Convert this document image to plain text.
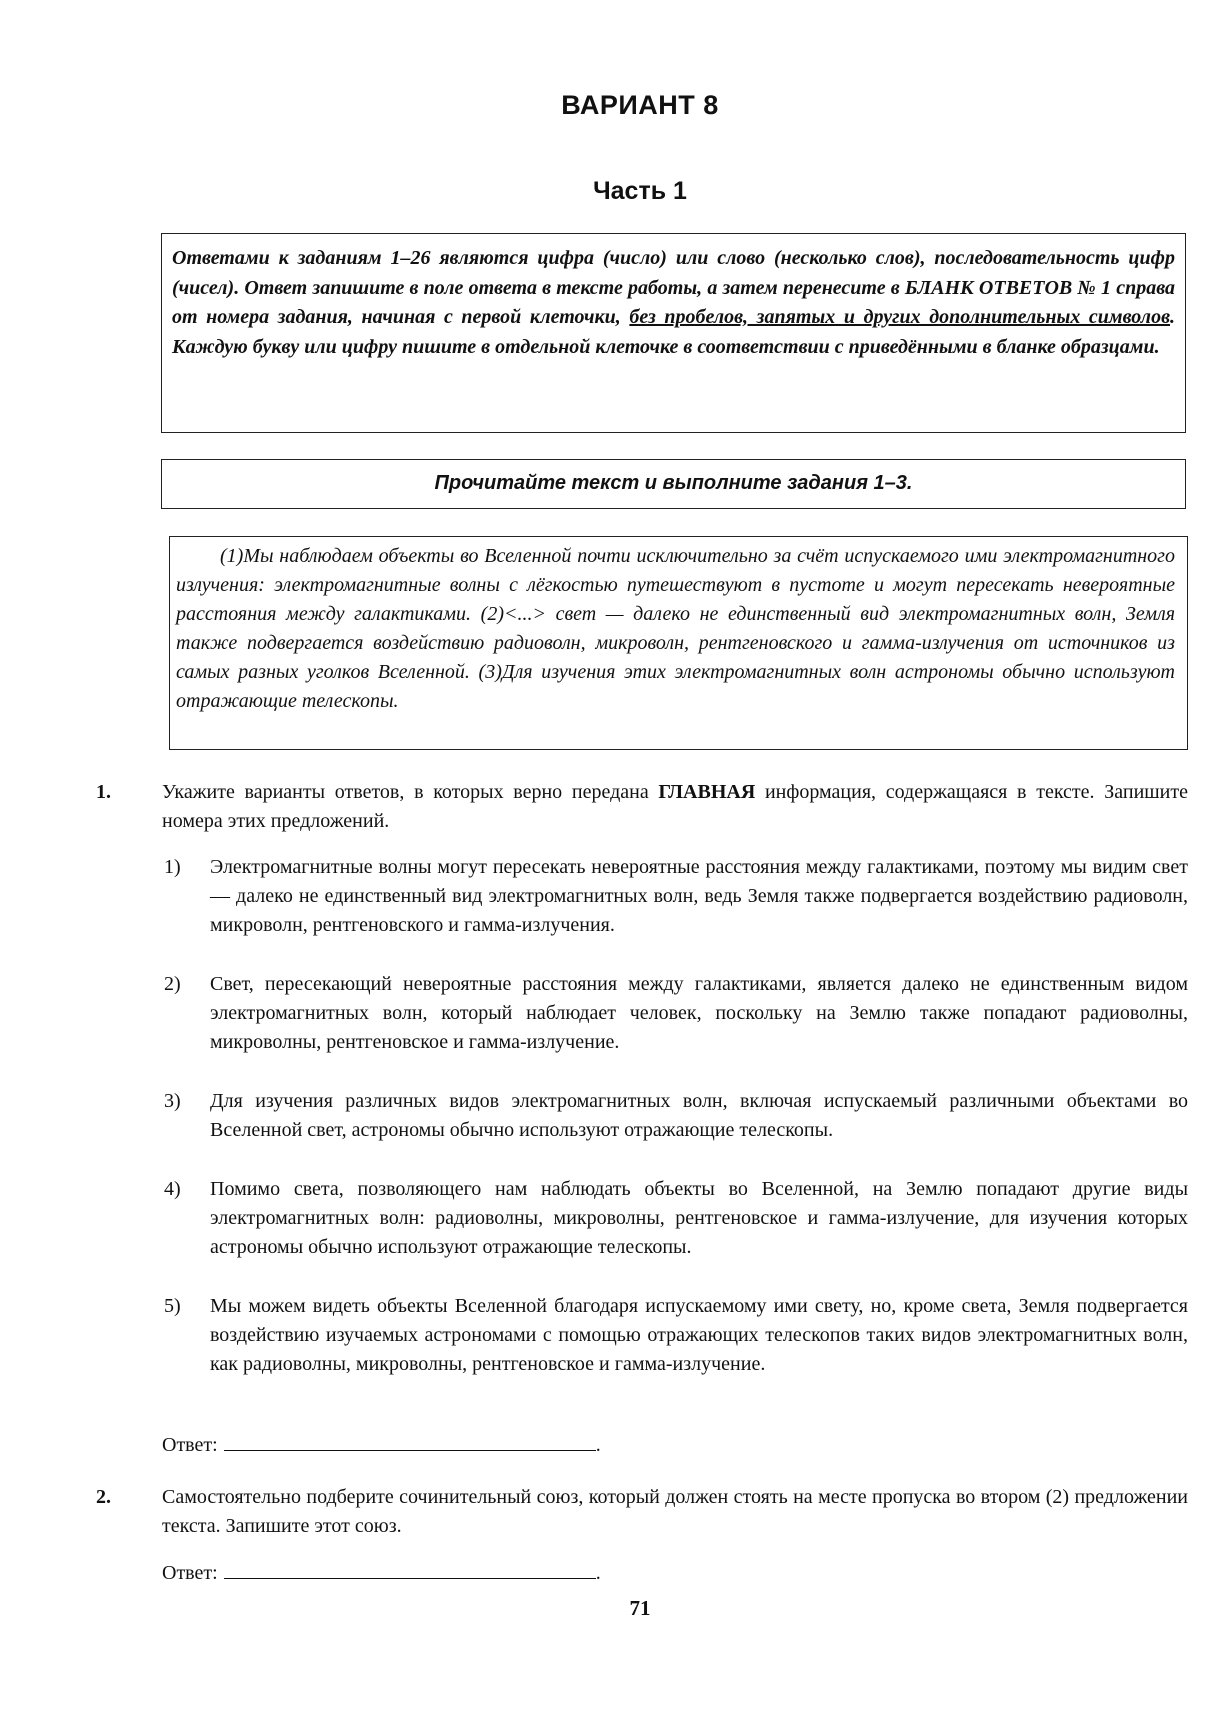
ВАРИАНТ 8
Часть 1
Ответами к заданиям 1–26 являются цифра (число) или слово (несколько слов), последовательность цифр (чисел). Ответ запишите в поле ответа в тексте работы, а затем перенесите в БЛАНК ОТВЕТОВ № 1 справа от номера задания, начиная с первой клеточки, без пробелов, запятых и других дополнительных символов. Каждую букву или цифру пишите в отдельной клеточке в соответствии с приведёнными в бланке образцами.
Прочитайте текст и выполните задания 1–3.

(1)Мы наблюдаем объекты во Вселенной почти исключительно за счёт испускаемого ими электромагнитного излучения: электромагнитные волны с лёгкостью путешествуют в пустоте и могут пересекать невероятные расстояния между галактиками. (2)<...> свет — далеко не единственный вид электромагнитных волн, Земля также подвергается воздействию радиоволн, микроволн, рентгеновского и гамма-излучения от источников из самых разных уголков Вселенной. (3)Для изучения этих электромагнитных волн астрономы обычно используют отражающие телескопы.

1.	Укажите варианты ответов, в которых верно передана ГЛАВНАЯ информация, содержащаяся в тексте. Запишите номера этих предложений.
1) Электромагнитные волны могут пересекать невероятные расстояния между галактиками, поэтому мы видим свет — далеко не единственный вид электромагнитных волн, ведь Земля также подвергается воздействию радиоволн, микроволн, рентгеновского и гамма-излучения.
2) Свет, пересекающий невероятные расстояния между галактиками, является далеко не единственным видом электромагнитных волн, который наблюдает человек, поскольку на Землю также попадают радиоволны, микроволны, рентгеновское и гамма-излучение.
3) Для изучения различных видов электромагнитных волн, включая испускаемый различными объектами во Вселенной свет, астрономы обычно используют отражающие телескопы.
4) Помимо света, позволяющего нам наблюдать объекты во Вселенной, на Землю попадают другие виды электромагнитных волн: радиоволны, микроволны, рентгеновское и гамма-излучение, для изучения которых астрономы обычно используют отражающие телескопы.
5) Мы можем видеть объекты Вселенной благодаря испускаемому ими свету, но, кроме света, Земля подвергается воздействию изучаемых астрономами с помощью отражающих телескопов таких видов электромагнитных волн, как радиоволны, микроволны, рентгеновское и гамма-излучение.
Ответ:	.
2.	Самостоятельно подберите сочинительный союз, который должен стоять на месте пропуска во втором (2) предложении текста. Запишите этот союз.
Ответ:	.
71
